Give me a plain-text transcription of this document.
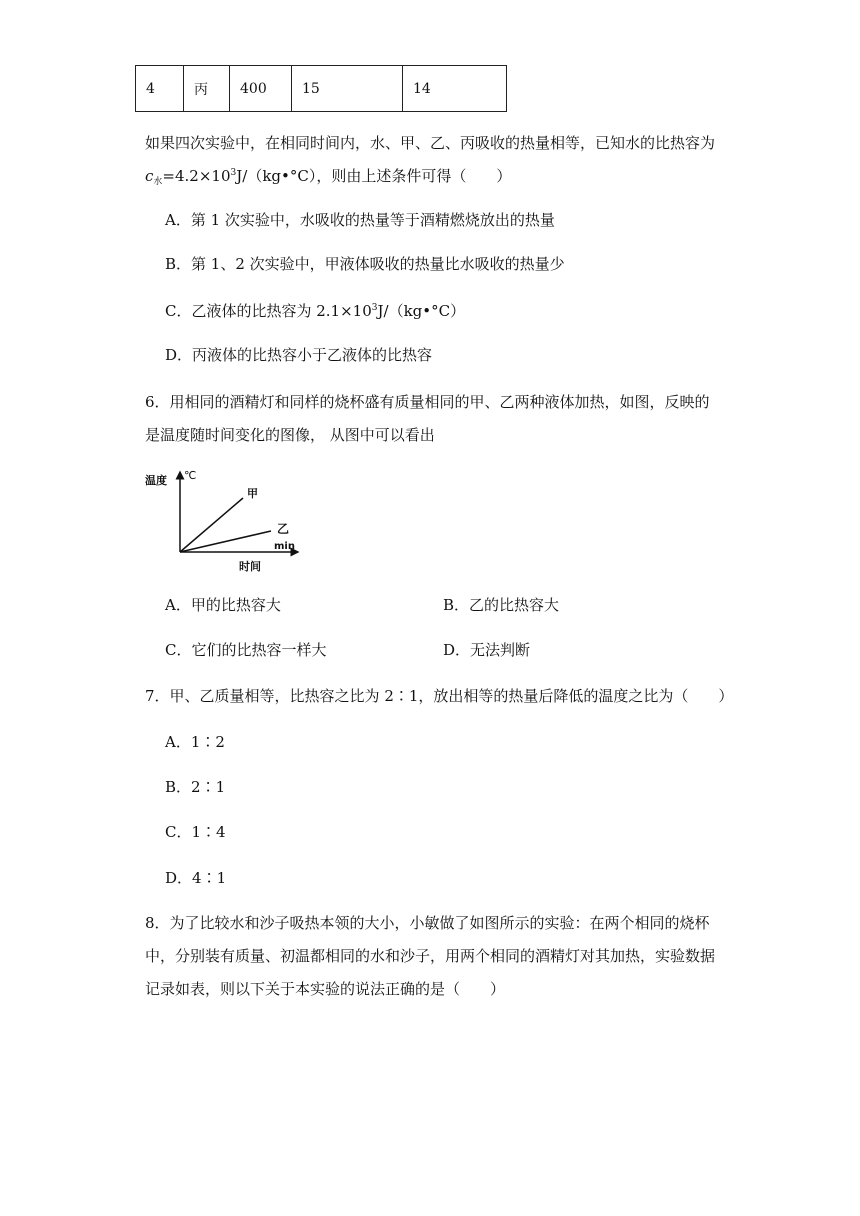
4	丙	400	15	14
如果四次实验中，在相同时间内，水、甲、乙、丙吸收的热量相等，已知水的比热容为
$c_水=4.2\times 10^3J/(kg•^\circ C)$，则由上述条件可得（　　）
A．第 1 次实验中，水吸收的热量等于酒精燃烧放出的热量
B．第 1、2 次实验中，甲液体吸收的热量比水吸收的热量少
C．乙液体的比热容为 $2.1\times 10^3J/(kg•^\circ C)$
D．丙液体的比热容小于乙液体的比热容
6．用相同的酒精灯和同样的烧杯盛有质量相同的甲、乙两种液体加热，如图，反映的
是温度随时间变化的图像， 从图中可以看出
温度 ℃
甲
乙
min
时间
A．甲的比热容大	B．乙的比热容大
C．它们的比热容一样大	D．无法判断
7．甲、乙质量相等，比热容之比为 2∶1，放出相等的热量后降低的温度之比为（　　）
A．1∶2
B．2∶1
C．1∶4
D．4∶1
8．为了比较水和沙子吸热本领的大小，小敏做了如图所示的实验：在两个相同的烧杯
中，分别装有质量、初温都相同的水和沙子，用两个相同的酒精灯对其加热，实验数据
记录如表，则以下关于本实验的说法正确的是（　　）
